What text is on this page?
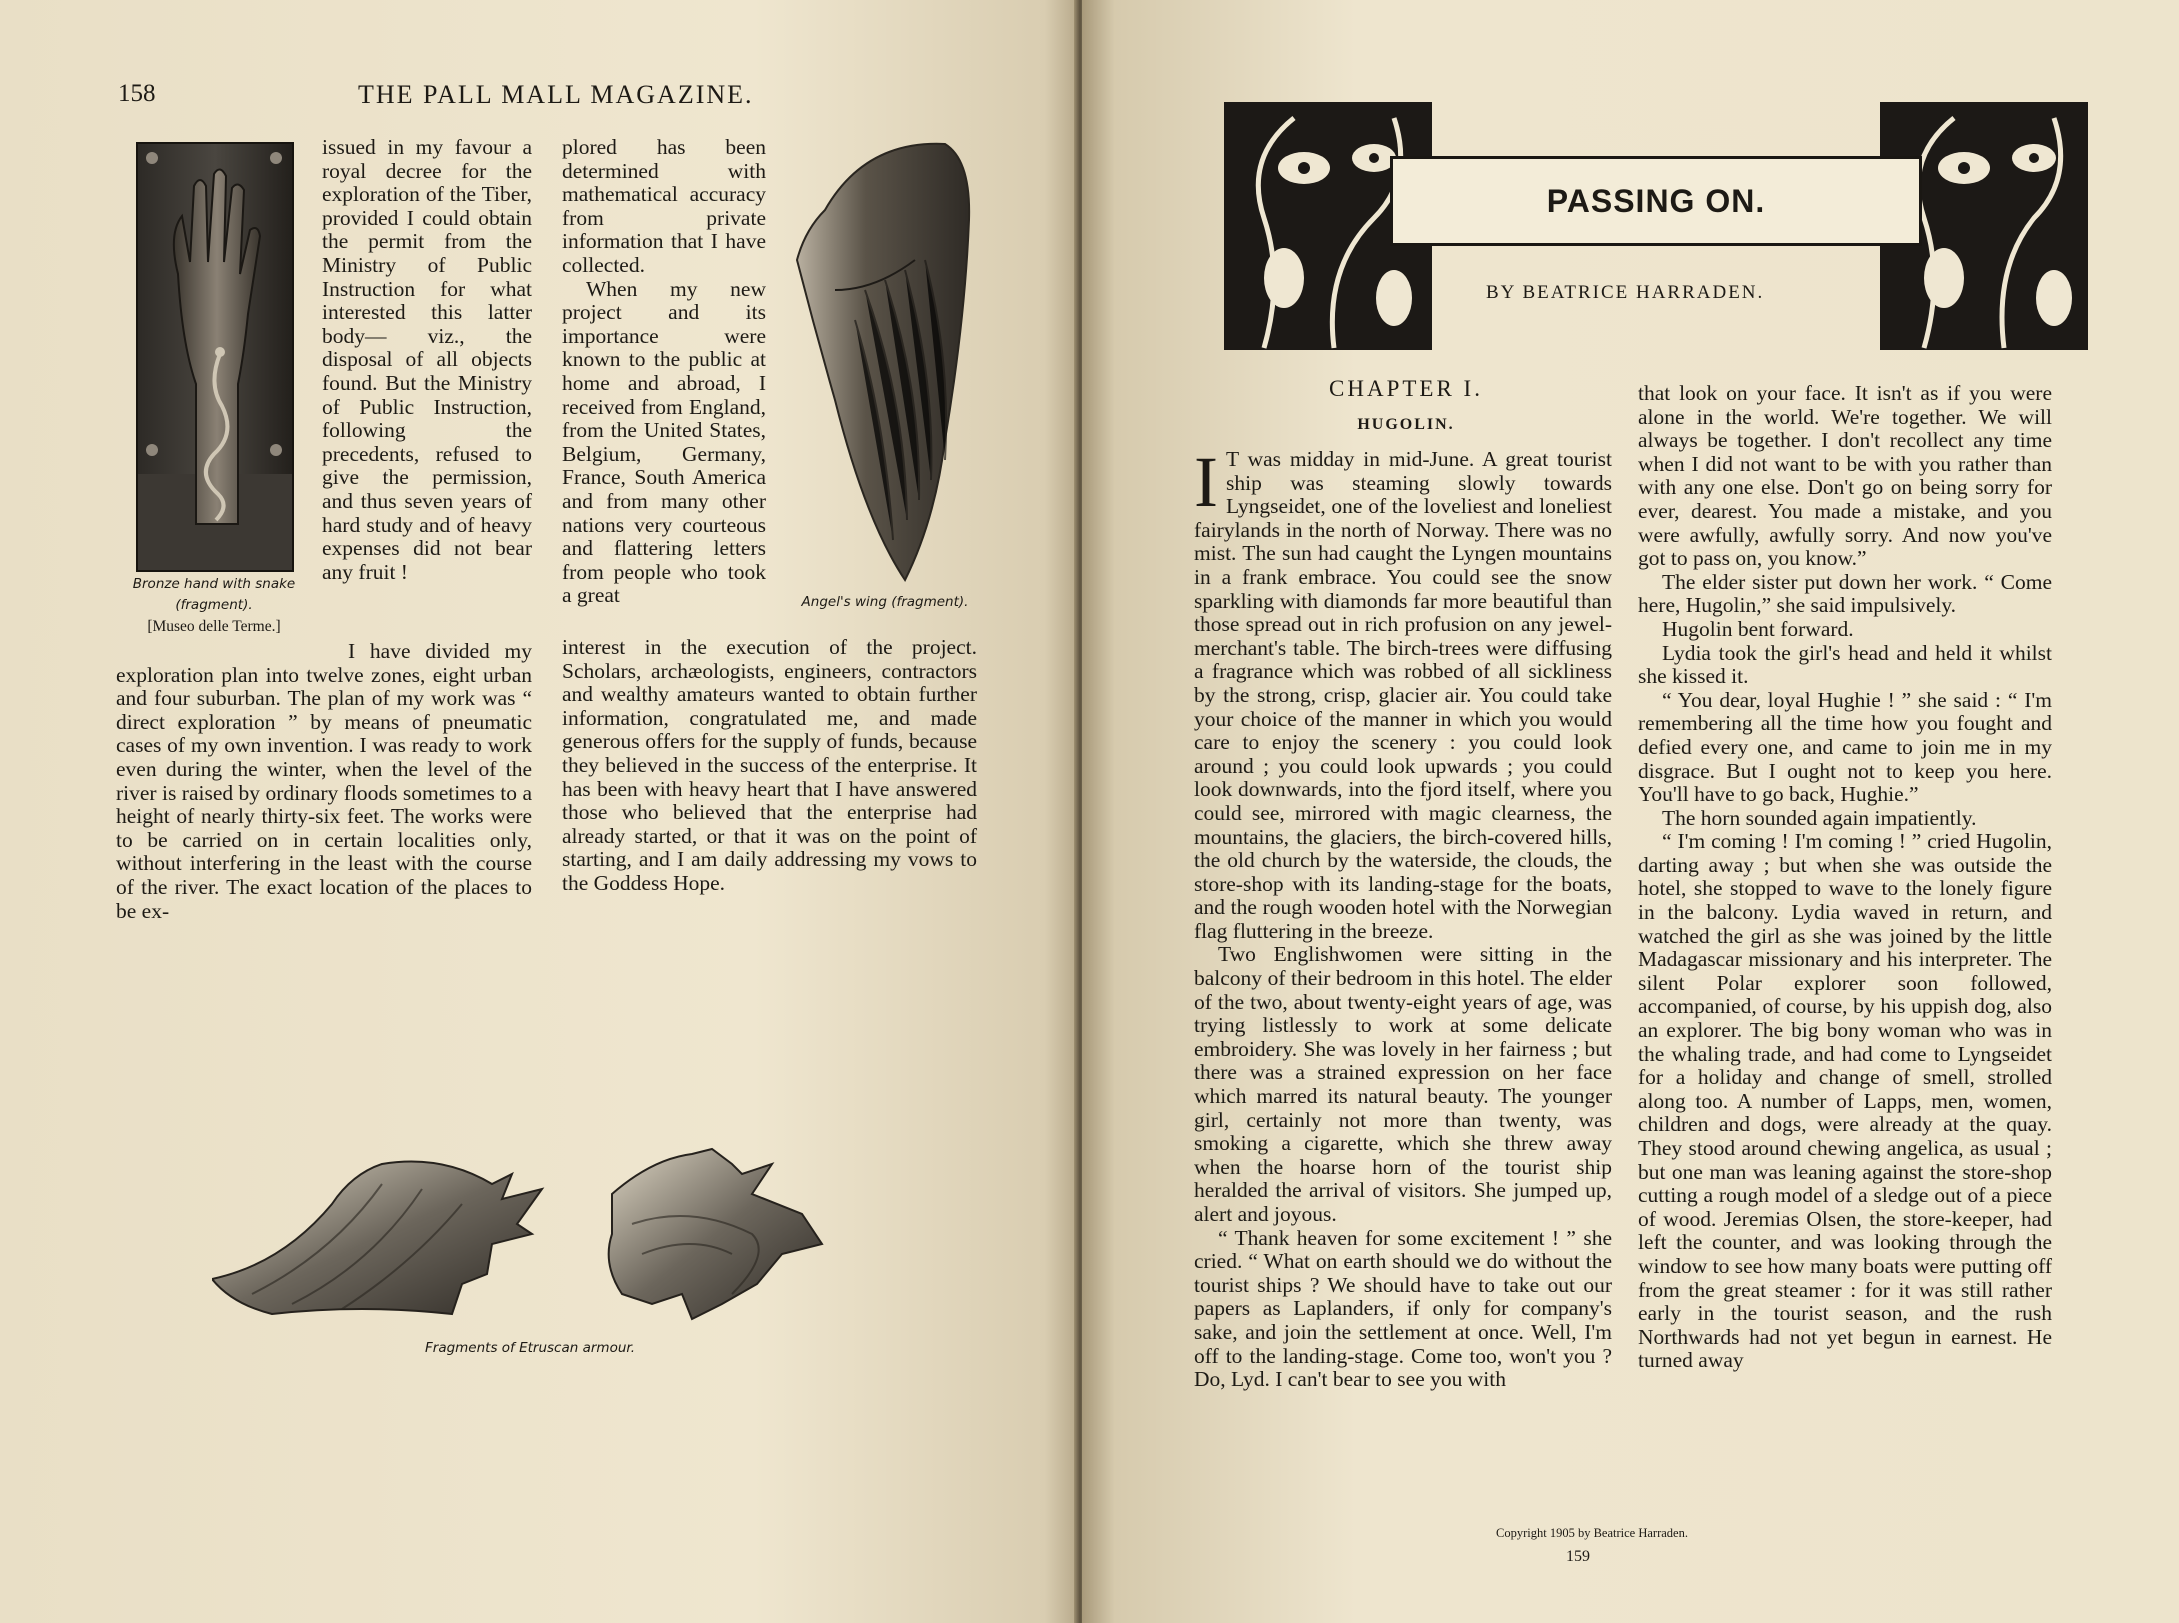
158	THE PALL MALL MAGAZINE.
Bronze hand with snake
(fragment).
[Museo delle Terme.]
Angel's wing (fragment).

issued in my favour a royal decree for the exploration of the Tiber, provided I could obtain the permit from the Ministry of Public Instruction for what interested this latter body— viz., the disposal of all objects found. But the Ministry of Public Instruction, following the precedents, refused to give the permission, and thus seven years of hard study and of heavy expenses did not bear any fruit !

I have divided my exploration plan into twelve zones, eight urban and four suburban. The plan of my work was “ direct exploration ” by means of pneumatic cases of my own invention. I was ready to work even during the winter, when the level of the river is raised by ordinary floods sometimes to a height of nearly thirty-six feet. The works were to be carried on in certain localities only, without interfering in the least with the course of the river. The exact location of the places to be ex-

plored has been determined with mathematical accuracy from private information that I have collected.

When my new project and its importance were known to the public at home and abroad, I received from England, from the United States, Belgium, Germany, France, South America and from many other nations very courteous and flattering letters from people who took a great

interest in the execution of the project. Scholars, archæologists, engineers, contractors and wealthy amateurs wanted to obtain further information, congratulated me, and made generous offers for the supply of funds, because they believed in the success of the enterprise. It has been with heavy heart that I have answered those who believed that the enterprise had already started, or that it was on the point of starting, and I am daily addressing my vows to the Goddess Hope.

Fragments of Etruscan armour.
PASSING ON.
BY BEATRICE HARRADEN.
CHAPTER I.
HUGOLIN.

I T was midday in mid-June. A great tourist ship was steaming slowly towards Lyngseidet, one of the loveliest and loneliest fairylands in the north of Norway. There was no mist. The sun had caught the Lyngen mountains in a frank embrace. You could see the snow sparkling with diamonds far more beautiful than those spread out in rich profusion on any jewel-merchant's table. The birch-trees were diffusing a fragrance which was robbed of all sickliness by the strong, crisp, glacier air. You could take your choice of the manner in which you would care to enjoy the scenery : you could look around ; you could look upwards ; you could look downwards, into the fjord itself, where you could see, mirrored with magic clearness, the mountains, the glaciers, the birch-covered hills, the old church by the waterside, the clouds, the store-shop with its landing-stage for the boats, and the rough wooden hotel with the Norwegian flag fluttering in the breeze.

Two Englishwomen were sitting in the balcony of their bedroom in this hotel. The elder of the two, about twenty-eight years of age, was trying listlessly to work at some delicate embroidery. She was lovely in her fairness ; but there was a strained expression on her face which marred its natural beauty. The younger girl, certainly not more than twenty, was smoking a cigarette, which she threw away when the hoarse horn of the tourist ship heralded the arrival of visitors. She jumped up, alert and joyous.

“ Thank heaven for some excitement ! ” she cried. “ What on earth should we do without the tourist ships ? We should have to take out our papers as Laplanders, if only for company's sake, and join the settlement at once. Well, I'm off to the landing-stage. Come too, won't you ? Do, Lyd. I can't bear to see you with

that look on your face. It isn't as if you were alone in the world. We're together. We will always be together. I don't recollect any time when I did not want to be with you rather than with any one else. Don't go on being sorry for ever, dearest. You made a mistake, and you were awfully, awfully sorry. And now you've got to pass on, you know.”

The elder sister put down her work. “ Come here, Hugolin,” she said impulsively.

Hugolin bent forward.

Lydia took the girl's head and held it whilst she kissed it.

“ You dear, loyal Hughie ! ” she said : “ I'm remembering all the time how you fought and defied every one, and came to join me in my disgrace. But I ought not to keep you here. You'll have to go back, Hughie.”

The horn sounded again impatiently.

“ I'm coming ! I'm coming ! ” cried Hugolin, darting away ; but when she was outside the hotel, she stopped to wave to the lonely figure in the balcony. Lydia waved in return, and watched the girl as she was joined by the little Madagascar missionary and his interpreter. The silent Polar explorer soon followed, accompanied, of course, by his uppish dog, also an explorer. The big bony woman who was in the whaling trade, and had come to Lyngseidet for a holiday and change of smell, strolled along too. A number of Lapps, men, women, children and dogs, were already at the quay. They stood around chewing angelica, as usual ; but one man was leaning against the store-shop cutting a rough model of a sledge out of a piece of wood. Jeremias Olsen, the store-keeper, had left the counter, and was looking through the window to see how many boats were putting off from the great steamer : for it was still rather early in the tourist season, and the rush Northwards had not yet begun in earnest. He turned away

Copyright 1905 by Beatrice Harraden.
159
